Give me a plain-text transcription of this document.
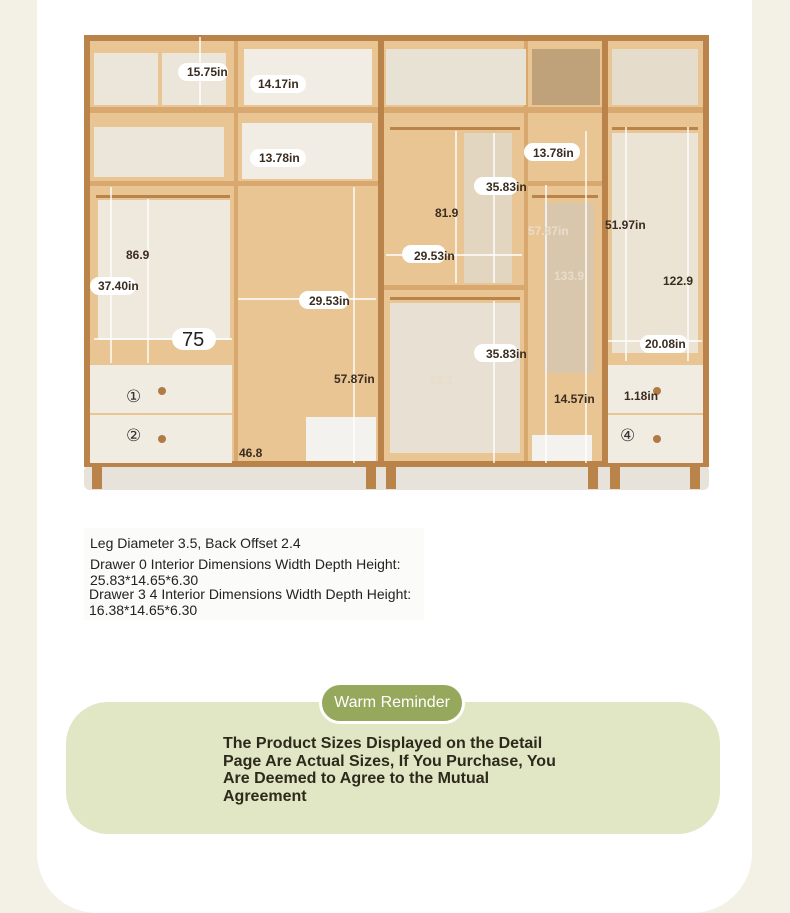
15.75in
14.17in
13.78in	13.78in
35.83in
81.9
57.87in	51.97in
86.9
37.40in
29.53in
29.53in
133.9	122.9
75
35.83in
20.08in
57.87in
14.57in 1.18in
46.8
52.1
①
②	④
Leg Diameter 3.5, Back Offset 2.4
Drawer 0 Interior Dimensions Width Depth Height:
25.83*14.65*6.30
Drawer 3 4 Interior Dimensions Width Depth Height:
16.38*14.65*6.30
Warm Reminder
The Product Sizes Displayed on the Detail Page Are Actual Sizes, If You Purchase, You Are Deemed to Agree to the Mutual Agreement
